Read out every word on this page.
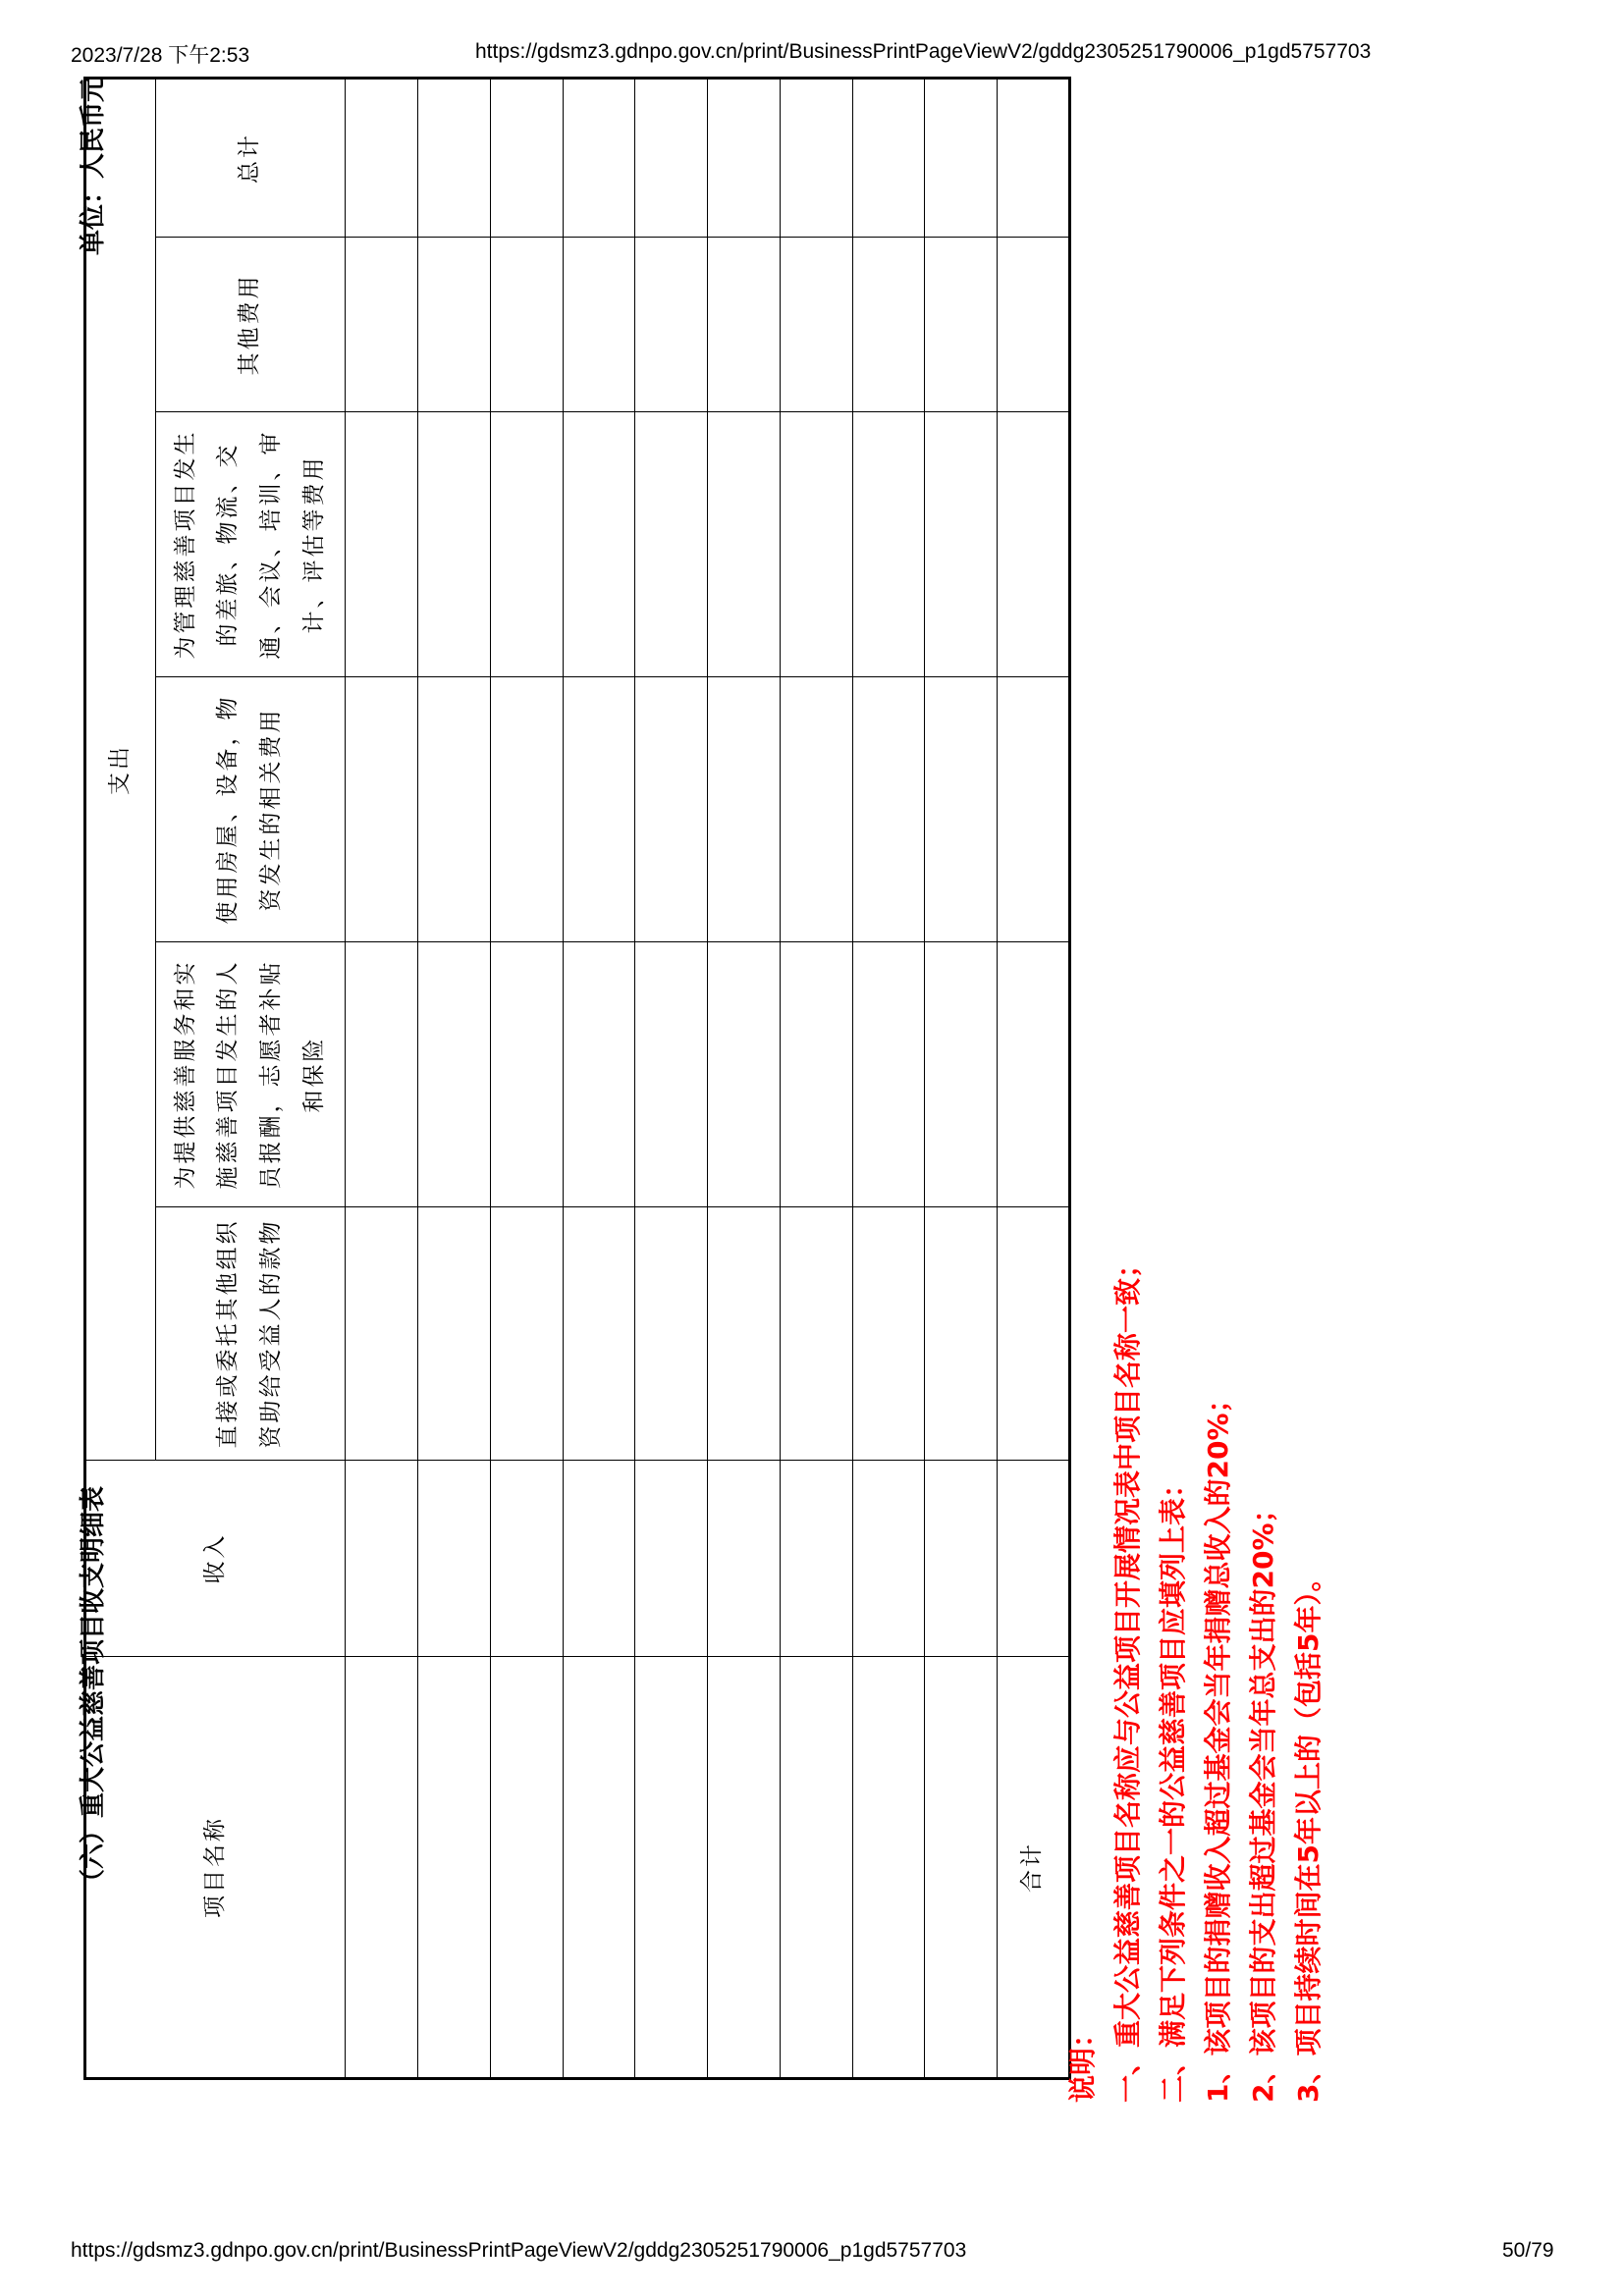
2023/7/28 下午2:53	https://gdsmz3.gdnpo.gov.cn/print/BusinessPrintPageViewV2/gddg2305251790006_p1gd5757703
（六）重大公益慈善项目收支明细表
单位：人民币元
项目名称	收入	支出					
		直接或委托其他组织资助给受益人的款物	为提供慈善服务和实施慈善项目发生的人员报酬，志愿者补贴和保险	使用房屋、设备，物资发生的相关费用	为管理慈善项目发生的差旅、物流、交通、会议、培训、审计、评估等费用	其他费用	总计

合计							
说明： 一、重大公益慈善项目名称应与公益项目开展情况表中项目名称一致； 二、满足下列条件之一的公益慈善项目应填列上表： 1、该项目的捐赠收入超过基金会当年捐赠总收入的20%； 2、该项目的支出超过基金会当年总支出的20%； 3、项目持续时间在5年以上的（包括5年）。
https://gdsmz3.gdnpo.gov.cn/print/BusinessPrintPageViewV2/gddg2305251790006_p1gd5757703	50/79
